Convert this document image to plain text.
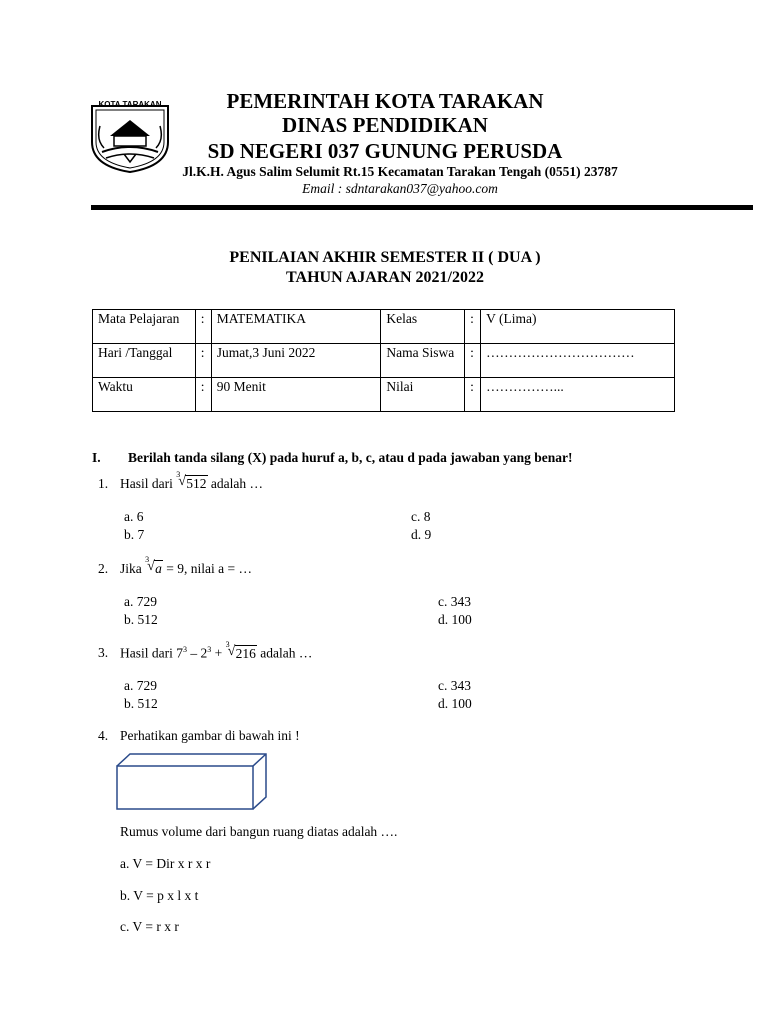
KOTA TARAKAN	PEMERINTAH KOTA TARAKAN
DINAS PENDIDIKAN
SD NEGERI 037 GUNUNG PERUSDA
Jl.K.H. Agus Salim Selumit Rt.15 Kecamatan Tarakan Tengah (0551) 23787
Email : sdntarakan037@yahoo.com
PENILAIAN AKHIR SEMESTER II ( DUA )
TAHUN AJARAN 2021/2022
Mata Pelajaran	:	MATEMATIKA	Kelas	:	V (Lima)
Hari /Tanggal	:	Jumat,3 Juni 2022	Nama Siswa	:	……………………………
Waktu	:	90 Menit	Nilai	:	……………...
I. Berilah tanda silang (X) pada huruf a, b, c, atau d pada jawaban yang benar!
1. Hasil dari
3
√ 512 adalah …
a. 6
b. 7
c. 8
d. 9
2. Jika
3
√ a = 9, nilai a = …
a. 729
b. 512
c. 343
d. 100
3. Hasil dari $7^3 - 2^3$ +
3
√ 216 adalah …
a. 729
b. 512
c. 343
d. 100
4. Perhatikan gambar di bawah ini !
Rumus volume dari bangun ruang diatas adalah ….
a. V = Dir x r x r
b. V = p x l x t
c. V = r x r
